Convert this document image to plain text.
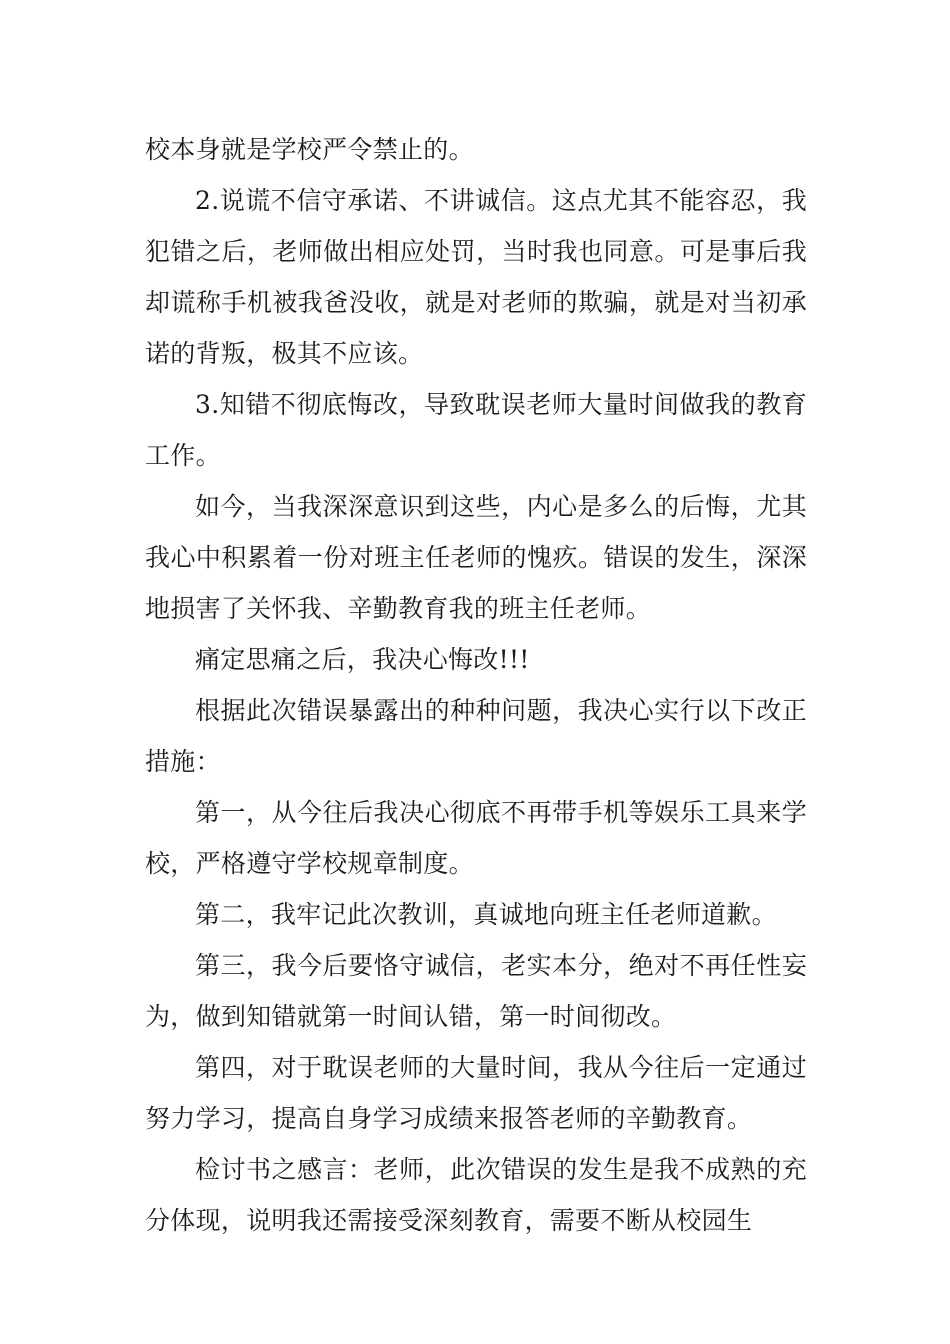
校本身就是学校严令禁止的。

2.说谎不信守承诺、不讲诚信。这点尤其不能容忍，我犯错之后，老师做出相应处罚，当时我也同意。可是事后我却谎称手机被我爸没收，就是对老师的欺骗，就是对当初承诺的背叛，极其不应该。

3.知错不彻底悔改，导致耽误老师大量时间做我的教育工作。

如今，当我深深意识到这些，内心是多么的后悔，尤其我心中积累着一份对班主任老师的愧疚。错误的发生，深深地损害了关怀我、辛勤教育我的班主任老师。

痛定思痛之后，我决心悔改!!!

根据此次错误暴露出的种种问题，我决心实行以下改正措施：

第一，从今往后我决心彻底不再带手机等娱乐工具来学校，严格遵守学校规章制度。

第二，我牢记此次教训，真诚地向班主任老师道歉。

第三，我今后要恪守诚信，老实本分，绝对不再任性妄为，做到知错就第一时间认错，第一时间彻改。

第四，对于耽误老师的大量时间，我从今往后一定通过努力学习，提高自身学习成绩来报答老师的辛勤教育。

检讨书之感言：老师，此次错误的发生是我不成熟的充分体现，说明我还需接受深刻教育，需要不断从校园生
